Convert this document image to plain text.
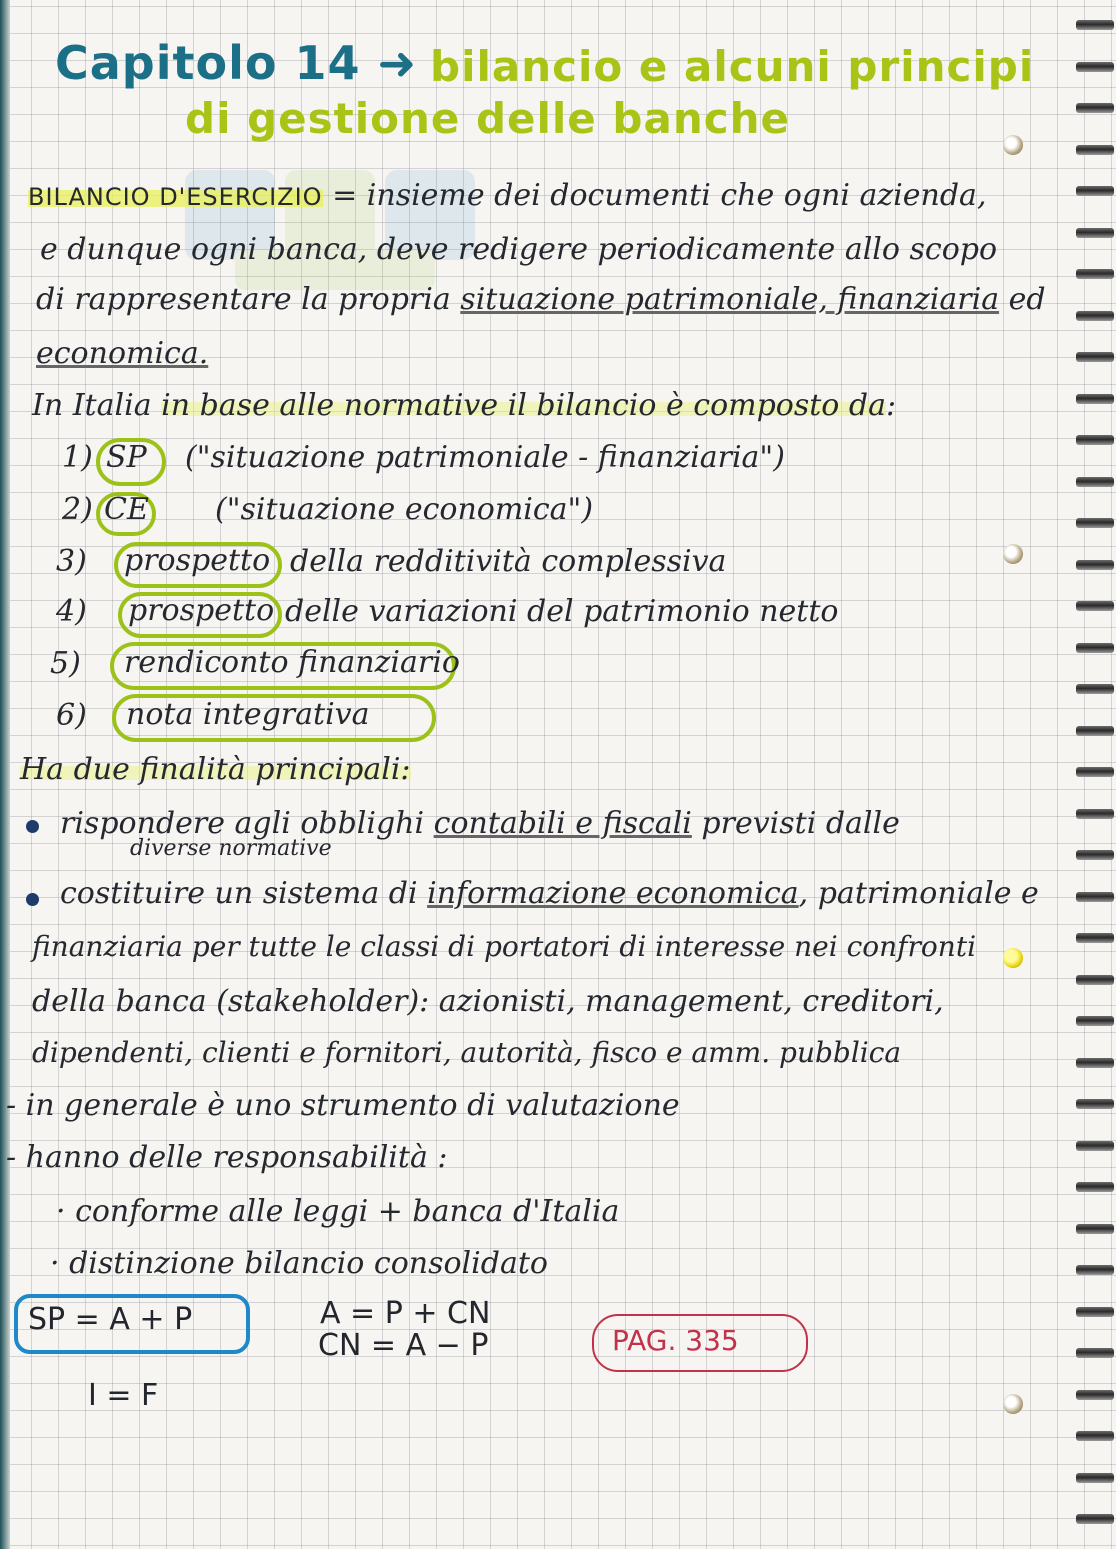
Capitolo 14 ➜ bilancio e alcuni principi
di gestione delle banche
BILANCIO D'ESERCIZIO = insieme dei documenti che ogni azienda,
e dunque ogni banca, deve redigere periodicamente allo scopo
di rappresentare la propria situazione patrimoniale, finanziaria ed
economica.
In Italia in base alle normative il bilancio è composto da:
1) SP ("situazione patrimoniale - finanziaria")
2) CE ("situazione economica")
3) prospetto della redditività complessiva
4) prospetto delle variazioni del patrimonio netto
5) rendiconto finanziario
6) nota integrativa
Ha due finalità principali:
rispondere agli obblighi contabili e fiscali previsti dalle
diverse normative
costituire un sistema di informazione economica, patrimoniale e
finanziaria per tutte le classi di portatori di interesse nei confronti
della banca (stakeholder): azionisti, management, creditori,
dipendenti, clienti e fornitori, autorità, fisco e amm. pubblica
- in generale è uno strumento di valutazione
- hanno delle responsabilità :
· conforme alle leggi + banca d'Italia
· distinzione bilancio consolidato
SP = A + P	A = P + CN
CN = A − P
I = F
PAG. 335
